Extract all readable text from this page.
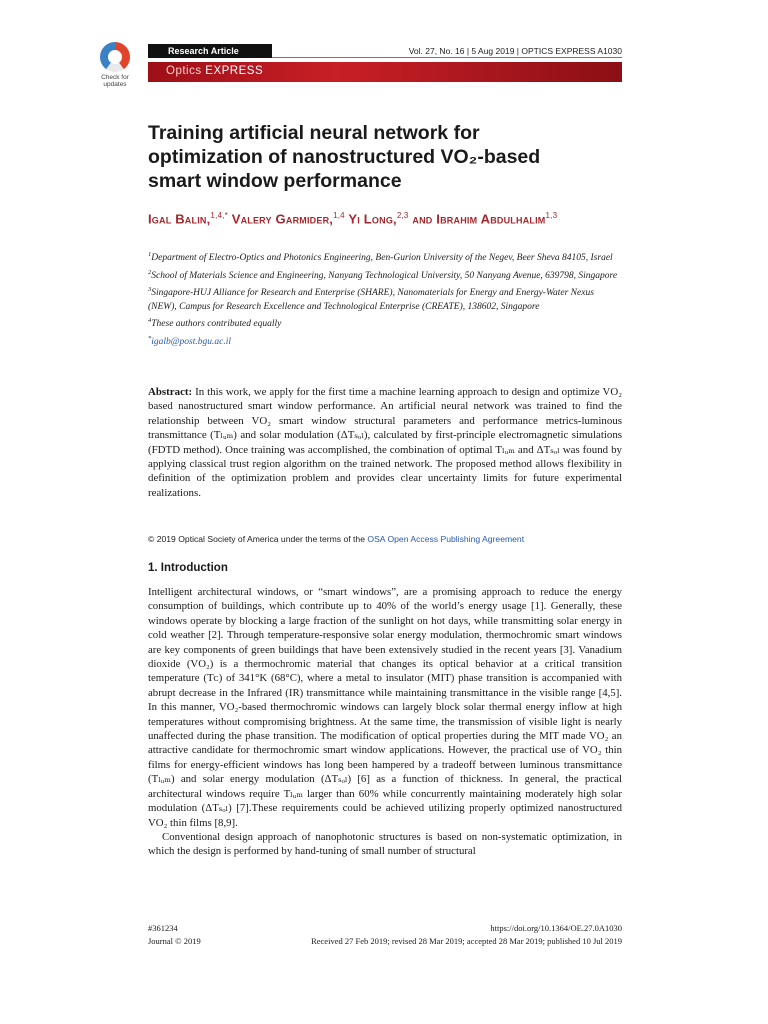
Check for updates
Research Article	Vol. 27, No. 16 | 5 Aug 2019 | OPTICS EXPRESS A1030
Optics EXPRESS
Training artificial neural network for optimization of nanostructured VO₂-based smart window performance
Igal Balin,$^{1,4,*}$ Valery Garmider,$^{1,4}$ Yi Long,$^{2,3}$ and Ibrahim Abdulhalim$^{1,3}$
$^1$Department of Electro-Optics and Photonics Engineering, Ben-Gurion University of the Negev, Beer Sheva 84105, Israel
$^2$School of Materials Science and Engineering, Nanyang Technological University, 50 Nanyang Avenue, 639798, Singapore
$^3$Singapore-HUJ Alliance for Research and Enterprise (SHARE), Nanomaterials for Energy and Energy-Water Nexus (NEW), Campus for Research Excellence and Technological Enterprise (CREATE), 138602, Singapore
$^4$These authors contributed equally
*igalb@post.bgu.ac.il
Abstract: In this work, we apply for the first time a machine learning approach to design and optimize VO₂ based nanostructured smart window performance. An artificial neural network was trained to find the relationship between VO₂ smart window structural parameters and performance metrics-luminous transmittance (Tₗᵤₘ) and solar modulation (ΔTₛₒₗ), calculated by first-principle electromagnetic simulations (FDTD method). Once training was accomplished, the combination of optimal Tₗᵤₘ and ΔTₛₒₗ was found by applying classical trust region algorithm on the trained network. The proposed method allows flexibility in definition of the optimization problem and provides clear uncertainty limits for future experimental realizations.
© 2019 Optical Society of America under the terms of the OSA Open Access Publishing Agreement
1. Introduction

Intelligent architectural windows, or “smart windows”, are a promising approach to reduce the energy consumption of buildings, which contribute up to 40% of the world’s energy usage [1]. Generally, these windows operate by blocking a large fraction of the sunlight on hot days, while transmitting solar energy in cold weather [2]. Through temperature-responsive solar energy modulation, thermochromic smart windows are key components of green buildings that have been extensively studied in the recent years [3]. Vanadium dioxide (VO₂) is a thermochromic material that changes its optical behavior at a critical transition temperature (Tᴄ) of 341°K (68°C), where a metal to insulator (MIT) phase transition is accompanied with abrupt decrease in the Infrared (IR) transmittance while maintaining transmittance in the visible range [4,5]. In this manner, VO₂-based thermochromic windows can largely block solar thermal energy inflow at high temperatures without compromising brightness. At the same time, the transmission of visible light is nearly unaffected during the phase transition. The modification of optical properties during the MIT made VO₂ an attractive candidate for thermochromic smart window applications. However, the practical use of VO₂ thin films for energy-efficient windows has long been hampered by a tradeoff between luminous transmittance (Tₗᵤₘ) and solar energy modulation (ΔTₛₒₗ) [6] as a function of thickness. In general, the practical architectural windows require Tₗᵤₘ larger than 60% while concurrently maintaining moderately high solar modulation (ΔTₛₒₗ) [7].These requirements could be achieved utilizing properly optimized nanostructured VO₂ thin films [8,9].

Conventional design approach of nanophotonic structures is based on non-systematic optimization, in which the design is performed by hand-tuning of small number of structural

#361234
Journal © 2019
https://doi.org/10.1364/OE.27.0A1030
Received 27 Feb 2019; revised 28 Mar 2019; accepted 28 Mar 2019; published 10 Jul 2019
